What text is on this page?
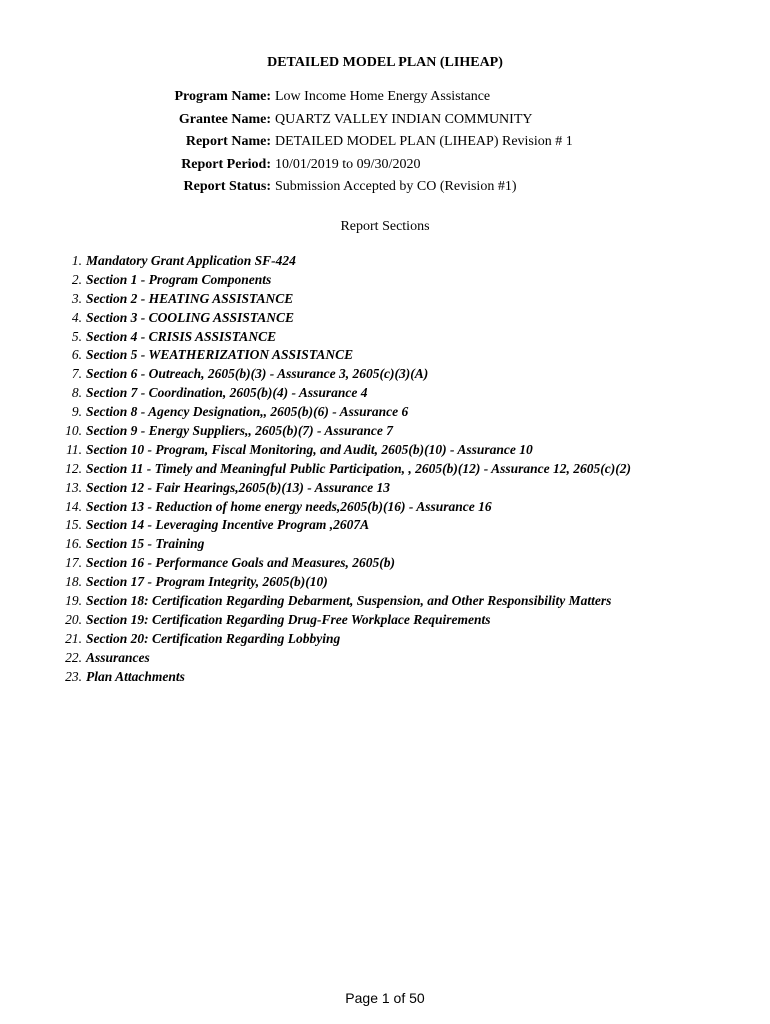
DETAILED MODEL PLAN (LIHEAP)
Program Name: Low Income Home Energy Assistance
Grantee Name: QUARTZ VALLEY INDIAN COMMUNITY
Report Name: DETAILED MODEL PLAN (LIHEAP) Revision # 1
Report Period: 10/01/2019 to 09/30/2020
Report Status: Submission Accepted by CO (Revision #1)
Report Sections
1. Mandatory Grant Application SF-424
2. Section 1 - Program Components
3. Section 2 - HEATING ASSISTANCE
4. Section 3 - COOLING ASSISTANCE
5. Section 4 - CRISIS ASSISTANCE
6. Section 5 - WEATHERIZATION ASSISTANCE
7. Section 6 - Outreach, 2605(b)(3) - Assurance 3, 2605(c)(3)(A)
8. Section 7 - Coordination, 2605(b)(4) - Assurance 4
9. Section 8 - Agency Designation,, 2605(b)(6) - Assurance 6
10. Section 9 - Energy Suppliers,, 2605(b)(7) - Assurance 7
11. Section 10 - Program, Fiscal Monitoring, and Audit, 2605(b)(10) - Assurance 10
12. Section 11 - Timely and Meaningful Public Participation, , 2605(b)(12) - Assurance 12, 2605(c)(2)
13. Section 12 - Fair Hearings,2605(b)(13) - Assurance 13
14. Section 13 - Reduction of home energy needs,2605(b)(16) - Assurance 16
15. Section 14 - Leveraging Incentive Program ,2607A
16. Section 15 - Training
17. Section 16 - Performance Goals and Measures, 2605(b)
18. Section 17 - Program Integrity, 2605(b)(10)
19. Section 18: Certification Regarding Debarment, Suspension, and Other Responsibility Matters
20. Section 19: Certification Regarding Drug-Free Workplace Requirements
21. Section 20: Certification Regarding Lobbying
22. Assurances
23. Plan Attachments
Page 1 of 50
